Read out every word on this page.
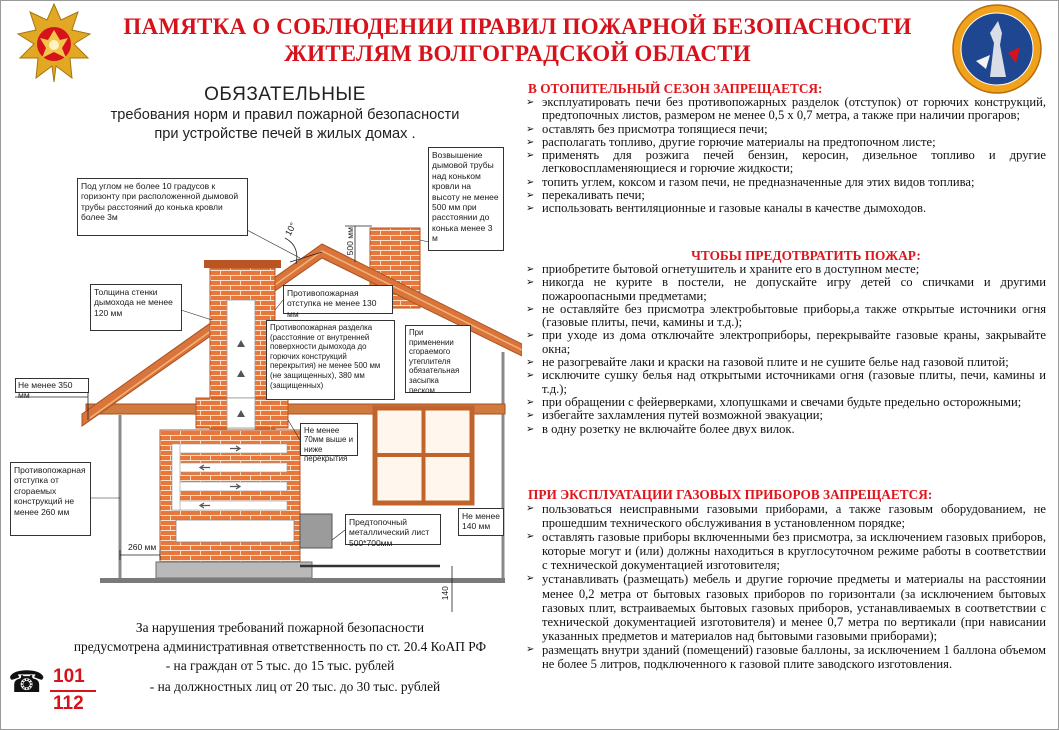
ПАМЯТКА О СОБЛЮДЕНИИ ПРАВИЛ ПОЖАРНОЙ БЕЗОПАСНОСТИ
ЖИТЕЛЯМ ВОЛГОГРАДСКОЙ ОБЛАСТИ
ОБЯЗАТЕЛЬНЫЕ
требования норм и правил пожарной безопасности
при устройстве печей в жилых домах .
Под углом не более 10 градусов к горизонту при расположенной дымовой трубы расстояний до конька кровли более 3м
Возвышение дымовой трубы над коньком кровли на высоту не менее 500 мм при расстоянии до конька менее 3 м
10°	500 мм
Толщина стенки дымохода не менее 120 мм
Противопожарная отступка не менее 130 мм
Противопожарная разделка (расстояние от внутренней поверхности дымохода до горючих конструкций перекрытия) не менее 500 мм (не защищенных), 380 мм (защищенных)
При применении сгораемого утеплителя обязательная засыпка песком
Не менее 350 мм
Не менее 70мм выше и ниже перекрытия
Противопожарная отступка от сгораемых конструкций не менее 260 мм
Предтопочный металлический лист 500*700мм
Не менее 140 мм
260 мм
140
За нарушения требований пожарной безопасности
предусмотрена административная ответственность по ст. 20.4 КоАП РФ
- на граждан от 5 тыс. до 15 тыс. рублей
- на должностных лиц от 20 тыс. до 30 тыс. рублей
☎ 101
112
В ОТОПИТЕЛЬНЫЙ СЕЗОН ЗАПРЕЩАЕТСЯ:
➢ эксплуатировать печи без противопожарных разделок (отступок) от горючих конструкций, предтопочных листов, размером не менее 0,5 х 0,7 метра, а также при наличии прогаров;
➢ оставлять без присмотра топящиеся печи;
➢ располагать топливо, другие горючие материалы на предтопочном листе;
➢ применять для розжига печей бензин, керосин, дизельное топливо и другие легковоспламеняющиеся и горючие жидкости;
➢ топить углем, коксом и газом печи, не предназначенные для этих видов топлива;
➢ перекаливать печи;
➢ использовать вентиляционные и газовые каналы в качестве дымоходов.
ЧТОБЫ ПРЕДОТВРАТИТЬ ПОЖАР:
➢ приобретите бытовой огнетушитель и храните его в доступном месте;
➢ никогда не курите в постели, не допускайте игру детей со спичками и другими пожароопасными предметами;
➢ не оставляйте без присмотра электробытовые приборы,а также открытые источники огня (газовые плиты, печи, камины и т.д.);
➢ при уходе из дома отключайте электроприборы, перекрывайте газовые краны, закрывайте окна;
➢ не разогревайте лаки и краски на газовой плите и не сушите белье над газовой плитой;
➢ исключите сушку белья над открытыми источниками огня (газовые плиты, печи, камины и т.д.);
➢ при обращении с фейерверками, хлопушками и свечами будьте предельно осторожными;
➢ избегайте захламления путей возможной эвакуации;
➢ в одну розетку не включайте более двух вилок.
ПРИ ЭКСПЛУАТАЦИИ ГАЗОВЫХ ПРИБОРОВ ЗАПРЕЩАЕТСЯ:
➢ пользоваться неисправными газовыми приборами, а также газовым оборудованием, не прошедшим технического обслуживания в установленном порядке;
➢ оставлять газовые приборы включенными без присмотра, за исключением газовых приборов, которые могут и (или) должны находиться в круглосуточном режиме работы в соответствии с технической документацией изготовителя;
➢ устанавливать (размещать) мебель и другие горючие предметы и материалы на расстоянии менее 0,2 метра от бытовых газовых приборов по горизонтали (за исключением бытовых газовых плит, встраиваемых бытовых газовых приборов, устанавливаемых в соответствии с технической документацией изготовителя) и менее 0,7 метра по вертикали (при нависании указанных предметов и материалов над бытовыми газовыми приборами);
➢ размещать внутри зданий (помещений) газовые баллоны, за исключением 1 баллона объемом не более 5 литров, подключенного к газовой плите заводского изготовления.
